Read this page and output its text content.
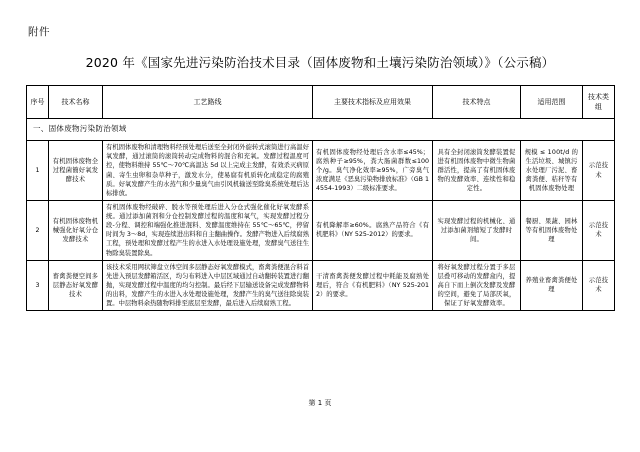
附件
2020 年《国家先进污染防治技术目录（固体废物和土壤污染防治领域）》（公示稿）
序号	技术名称	工艺路线	主要技术指标及应用效果	技术特点	适用范围	技术类组
一、固体废物污染防治领域						
1	有机固体废物全过程菌簡好氧发酵技术	有机固体废物和清理物料经预处理后送至全封闭外旋转式滚筒进行高温好氧发酵，通过滚筒的滚筒转动完成物料的混合和充氧。发酵过程温度可控，使物料维持 55℃～70℃高温达 5d 以上完成主发酵，有效杀灭病原菌、寄生虫卵和杂草种子，激发水分，使易腐有机质转化成稳定的腐殖质。好氧发酵产生的水蒸气和少量臭气由引风机输送至除臭系统处理后达标排放。	有机固体废物经处理后含水率≤45%；腐熟种子≥95%，粪大肠菌群数≤100 个/g。臭气净化效率≥95%，广旁臭气浓度满足《恶臭污染物排放标准》（GB 14554-1993）二级标准要求。	具有全封闭滚筒发酵装置促进有机固体废物中微生物菌群活性，提高了有机固体废物的发酵效率、连续性和稳定性。	规模 ≤ 100t/d 的生活垃圾、城镇污水处理厂污泥、畜禽粪便、秸秆等有机固体废物处理	示范技术
2	有机固体废物机械强化好氧分仓发酵技术	有机固体废物经破碎、脱水等预处理后进入分仓式强化催化好氧发酵系统。通过添加菌剂和分仓控制发酵过程的温度和氧气，实现发酵过程分段-分程、调控和端强化推进混料、发酵温度维持在 55℃～65℃，停留时间为 3～8d，实现连续进出料和自主翻曲操作。发酵产物进入后续腐熟工程，预处理和发酵过程产生的水进入水处理设施处理，发酵臭气送往生物除臭装置除臭。	有机降解率≥60%。腐熟产品符合《有机肥料》（NY 525-2012）的要求。	实现发酵过程的机械化、通过添加菌剂缩短了发酵时间。	餐厨、果蔬、园林等有机固体废物处理	示范技术
3	畜禽粪便空间多层静态好氧发酵技术	该技术采用网状筛盘立体空间多层静态好氧发酵模式，畜禽粪便混合料首先进入预层发酵箱活区，均匀布料进入中层区域通过自动翻转装置进行翻抛，实现发酵过程中温度的均匀控制。最后经下层输送设备完成发酵物料的出料，发酵产生的水进入水处理设施处理，发酵产生的臭气送往除臭装置。中层物料余热随物料排至底层至发酵，最后进入后续腐熟工程。	干清畜禽粪便发酵过程中耗能及腐熟处理后，符合《有机肥料》（NY 525-2012）的要求。	将好氧发酵过程分置于多层层叠可移动的发酵盒内，提高自下而上倒次发酵及发酵的空间，避免了局部厌氧，保证了好氧发酵效率。	养殖业畜禽粪便处理	示范技术
第 1 页
